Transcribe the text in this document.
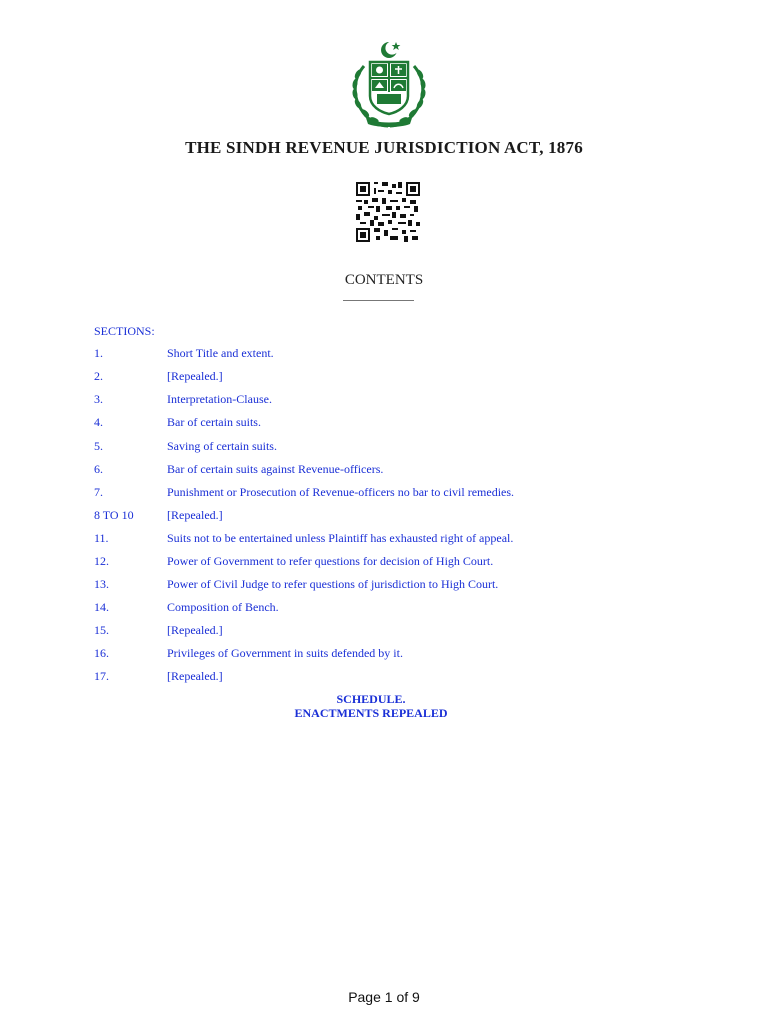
THE SINDH REVENUE JURISDICTION ACT, 1876
CONTENTS
SECTIONS:
1.	Short Title and extent.
2.	[Repealed.]
3.	Interpretation-Clause.
4.	Bar of certain suits.
5.	Saving of certain suits.
6.	Bar of certain suits against Revenue-officers.
7.	Punishment or Prosecution of Revenue-officers no bar to civil remedies.
8 TO 10	[Repealed.]
11.	Suits not to be entertained unless Plaintiff has exhausted right of appeal.
12.	Power of Government to refer questions for decision of High Court.
13.	Power of Civil Judge to refer questions of jurisdiction to High Court.
14.	Composition of Bench.
15.	[Repealed.]
16.	Privileges of Government in suits defended by it.
17.	[Repealed.]
SCHEDULE.
ENACTMENTS REPEALED
Page 1 of 9
